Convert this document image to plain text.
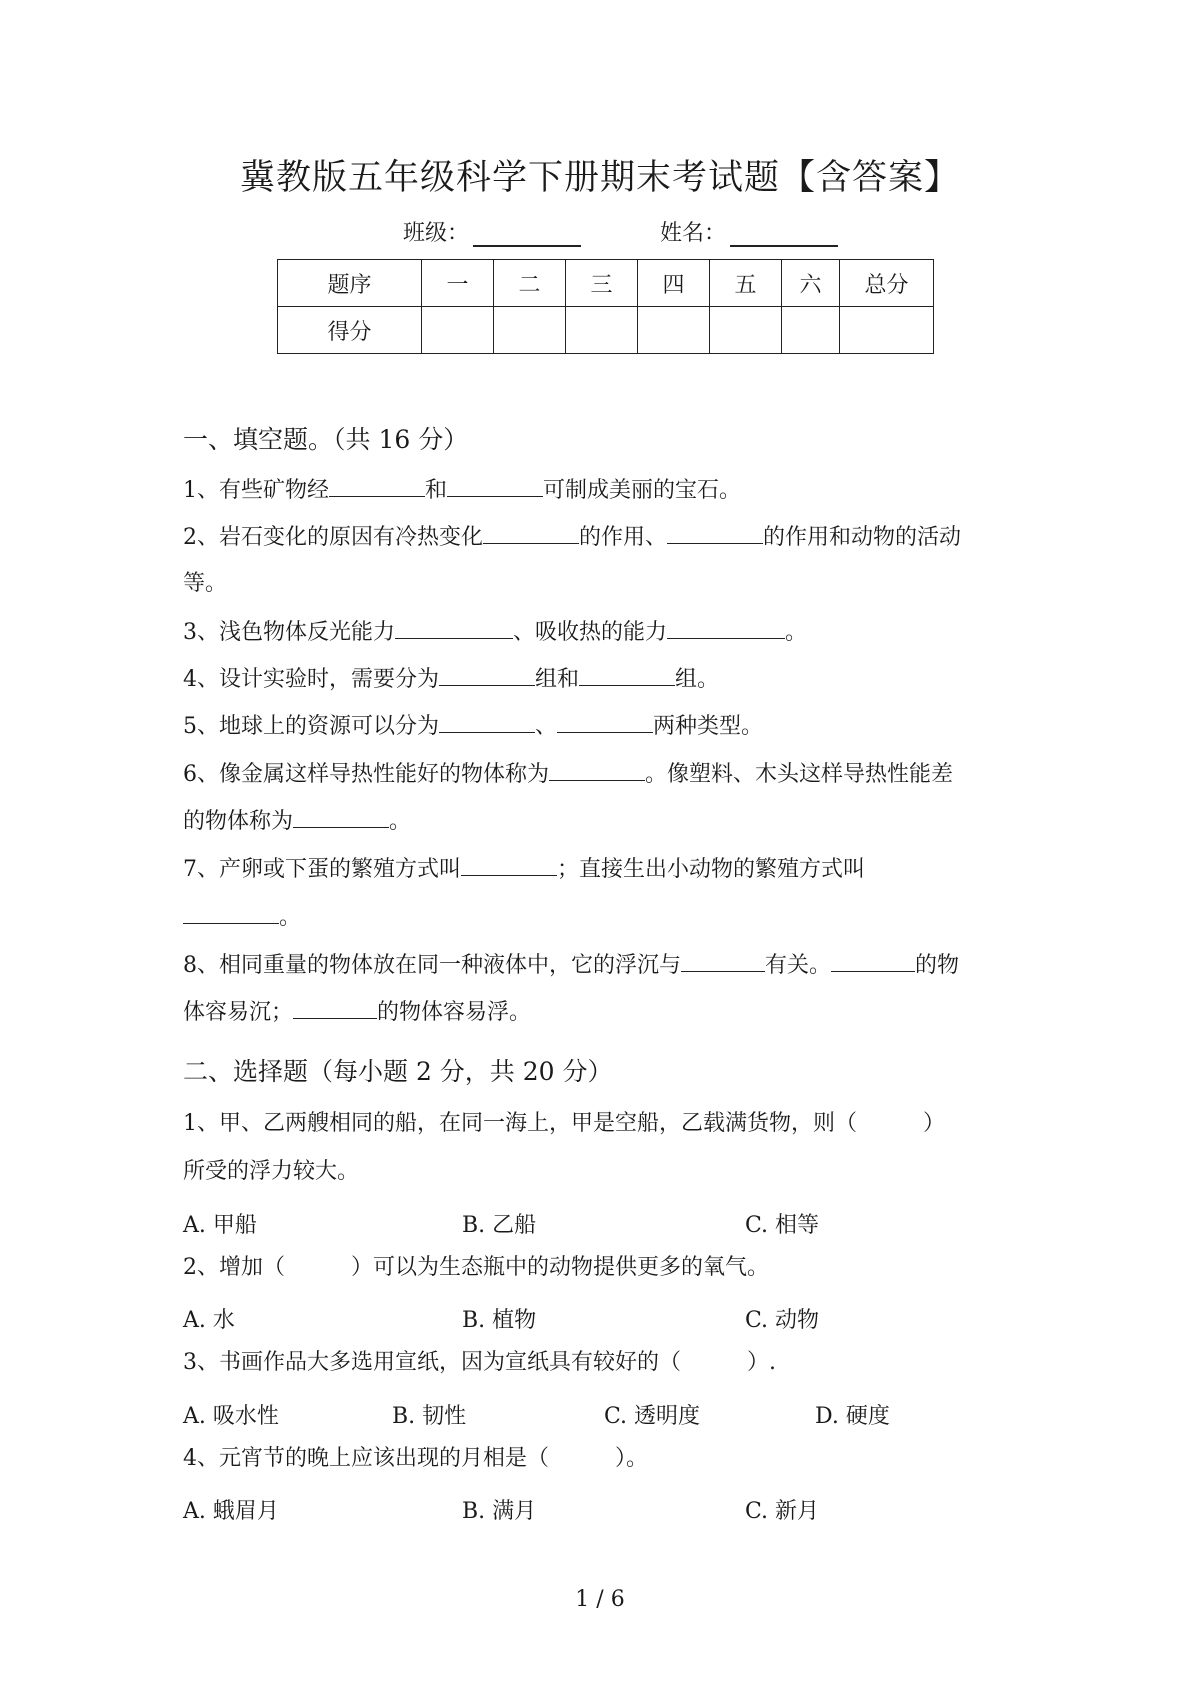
冀教版五年级科学下册期末考试题【含答案】
班级：	姓名：
题序	一	二	三	四	五	六	总分
得分							
一、填空题。（共 16 分）
1、有些矿物经	和	可制成美丽的宝石。
2、岩石变化的原因有冷热变化	的作用、	的作用和动物的活动
等。
3、浅色物体反光能力	、吸收热的能力	。
4、设计实验时，需要分为	组和	组。
5、地球上的资源可以分为	、	两种类型。
6、像金属这样导热性能好的物体称为	。像塑料、木头这样导热性能差
的物体称为	。
7、产卵或下蛋的繁殖方式叫	；直接生出小动物的繁殖方式叫
。
8、相同重量的物体放在同一种液体中，它的浮沉与	有关。	的物
体容易沉；	的物体容易浮。
二、选择题（每小题 2 分，共 20 分）
1、甲、乙两艘相同的船，在同一海上，甲是空船，乙载满货物，则（　　　）
所受的浮力较大。
A. 甲船	B. 乙船	C. 相等
2、增加（　　　）可以为生态瓶中的动物提供更多的氧气。
A. 水	B. 植物	C. 动物
3、书画作品大多选用宣纸，因为宣纸具有较好的（　　　）.
A. 吸水性	B. 韧性	C. 透明度	D. 硬度
4、元宵节的晚上应该出现的月相是（　　　）。
A. 蛾眉月	B. 满月	C. 新月
1 / 6
